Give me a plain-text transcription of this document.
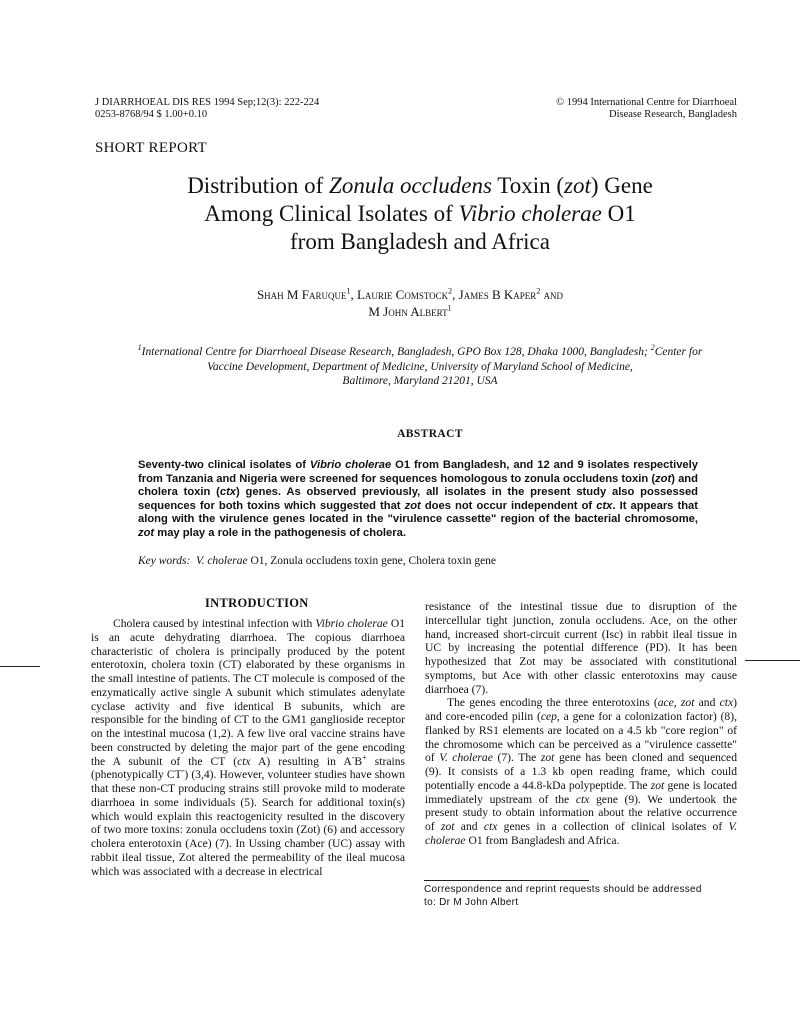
J DIARRHOEAL DIS RES 1994 Sep;12(3): 222-224
0253-8768/94 $ 1.00+0.10
© 1994 International Centre for Diarrhoeal
Disease Research, Bangladesh
SHORT REPORT
Distribution of Zonula occludens Toxin (zot) Gene
Among Clinical Isolates of Vibrio cholerae O1
from Bangladesh and Africa
Shah M Faruque$^1$, Laurie Comstock$^2$, James B Kaper$^2$ and
M John Albert$^1$
$^1$International Centre for Diarrhoeal Disease Research, Bangladesh, GPO Box 128, Dhaka 1000, Bangladesh; $^2$Center for
Vaccine Development, Department of Medicine, University of Maryland School of Medicine,
Baltimore, Maryland 21201, USA
ABSTRACT
Seventy-two clinical isolates of Vibrio cholerae O1 from Bangladesh, and 12 and 9 isolates respectively from Tanzania and Nigeria were screened for sequences homologous to zonula occludens toxin (zot) and cholera toxin (ctx) genes. As observed previously, all isolates in the present study also possessed sequences for both toxins which suggested that zot does not occur independent of ctx. It appears that along with the virulence genes located in the "virulence cassette" region of the bacterial chromosome, zot may play a role in the pathogenesis of cholera.
Key words: V. cholerae O1, Zonula occludens toxin gene, Cholera toxin gene
INTRODUCTION

Cholera caused by intestinal infection with Vibrio cholerae O1 is an acute dehydrating diarrhoea. The copious diarrhoea characteristic of cholera is principally produced by the potent enterotoxin, cholera toxin (CT) elaborated by these organisms in the small intestine of patients. The CT molecule is composed of the enzymatically active single A subunit which stimulates adenylate cyclase activity and five identical B subunits, which are responsible for the binding of CT to the GM1 ganglioside receptor on the intestinal mucosa (1,2). A few live oral vaccine strains have been constructed by deleting the major part of the gene encoding the A subunit of the CT (ctx A) resulting in A-B+ strains (phenotypically CT-) (3,4). However, volunteer studies have shown that these non-CT producing strains still provoke mild to moderate diarrhoea in some individuals (5). Search for additional toxin(s) which would explain this reactogenicity resulted in the discovery of two more toxins: zonula occludens toxin (Zot) (6) and accessory cholera enterotoxin (Ace) (7). In Ussing chamber (UC) assay with rabbit ileal tissue, Zot altered the permeability of the ileal mucosa which was associated with a decrease in electrical

resistance of the intestinal tissue due to disruption of the intercellular tight junction, zonula occludens. Ace, on the other hand, increased short-circuit current (Isc) in rabbit ileal tissue in UC by increasing the potential difference (PD). It has been hypothesized that Zot may be associated with constitutional symptoms, but Ace with other classic enterotoxins may cause diarrhoea (7).

The genes encoding the three enterotoxins (ace, zot and ctx) and core-encoded pilin (cep, a gene for a colonization factor) (8), flanked by RS1 elements are located on a 4.5 kb "core region" of the chromosome which can be perceived as a "virulence cassette" of V. cholerae (7). The zot gene has been cloned and sequenced (9). It consists of a 1.3 kb open reading frame, which could potentially encode a 44.8-kDa polypeptide. The zot gene is located immediately upstream of the ctx gene (9). We undertook the present study to obtain information about the relative occurrence of zot and ctx genes in a collection of clinical isolates of V. cholerae O1 from Bangladesh and Africa.

Correspondence and reprint requests should be addressed
to: Dr M John Albert
